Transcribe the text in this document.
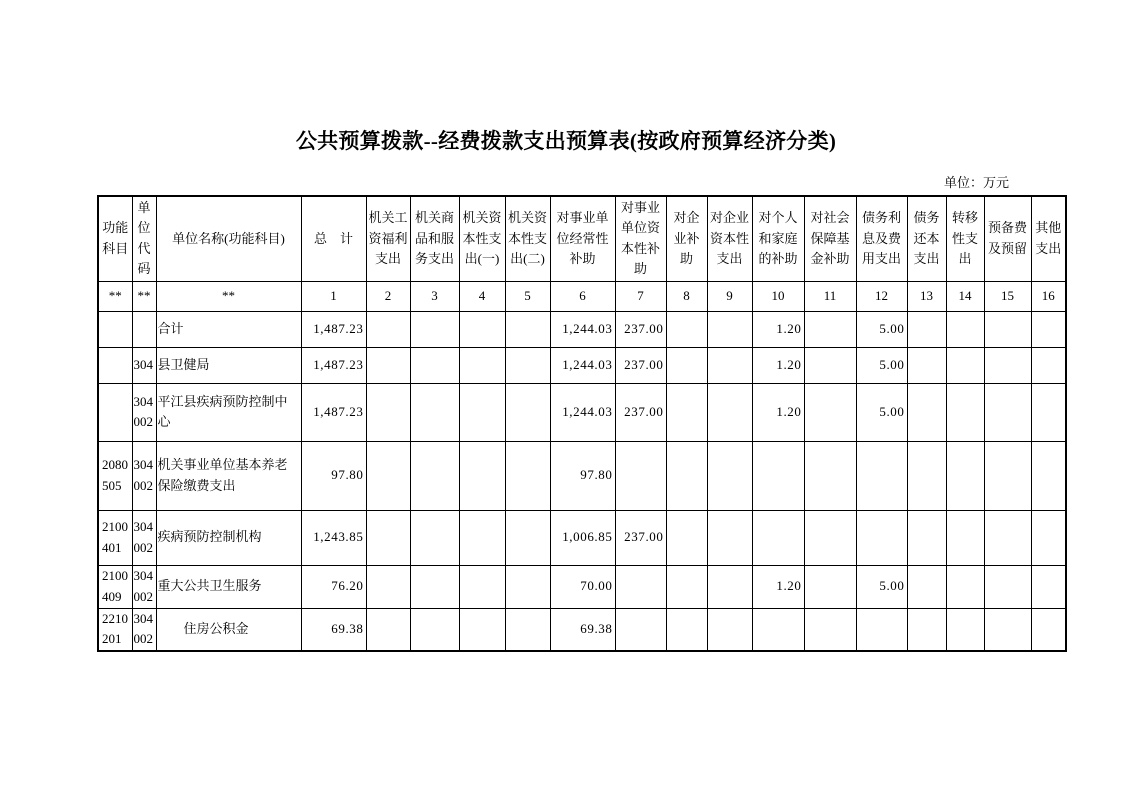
公共预算拨款--经费拨款支出预算表(按政府预算经济分类)
单位：万元
功能科目	单位代码	单位名称(功能科目)	总　计	机关工资福利支出	机关商品和服务支出	机关资本性支出(一)	机关资本性支出(二)	对事业单位经常性补助	对事业单位资本性补助	对企业补助	对企业资本性支出	对个人和家庭的补助	对社会保障基金补助	债务利息及费用支出	债务还本支出	转移性支出	预备费及预留	其他支出

**	**	**	1	2	3	4	5	6	7	8	9	10	11	12	13	14	15	16

		合计	1,487.23					1,244.03	237.00			1.20		5.00				
	304	县卫健局	1,487.23					1,244.03	237.00			1.20		5.00				
	304002	平江县疾病预防控制中心	1,487.23					1,244.03	237.00			1.20		5.00				
2080505	304002	机关事业单位基本养老保险缴费支出	97.80					97.80										
2100401	304002	疾病预防控制机构	1,243.85					1,006.85	237.00									
2100409	304002	重大公共卫生服务	76.20					70.00				1.20		5.00				
2210201	304002	住房公积金	69.38					69.38										
